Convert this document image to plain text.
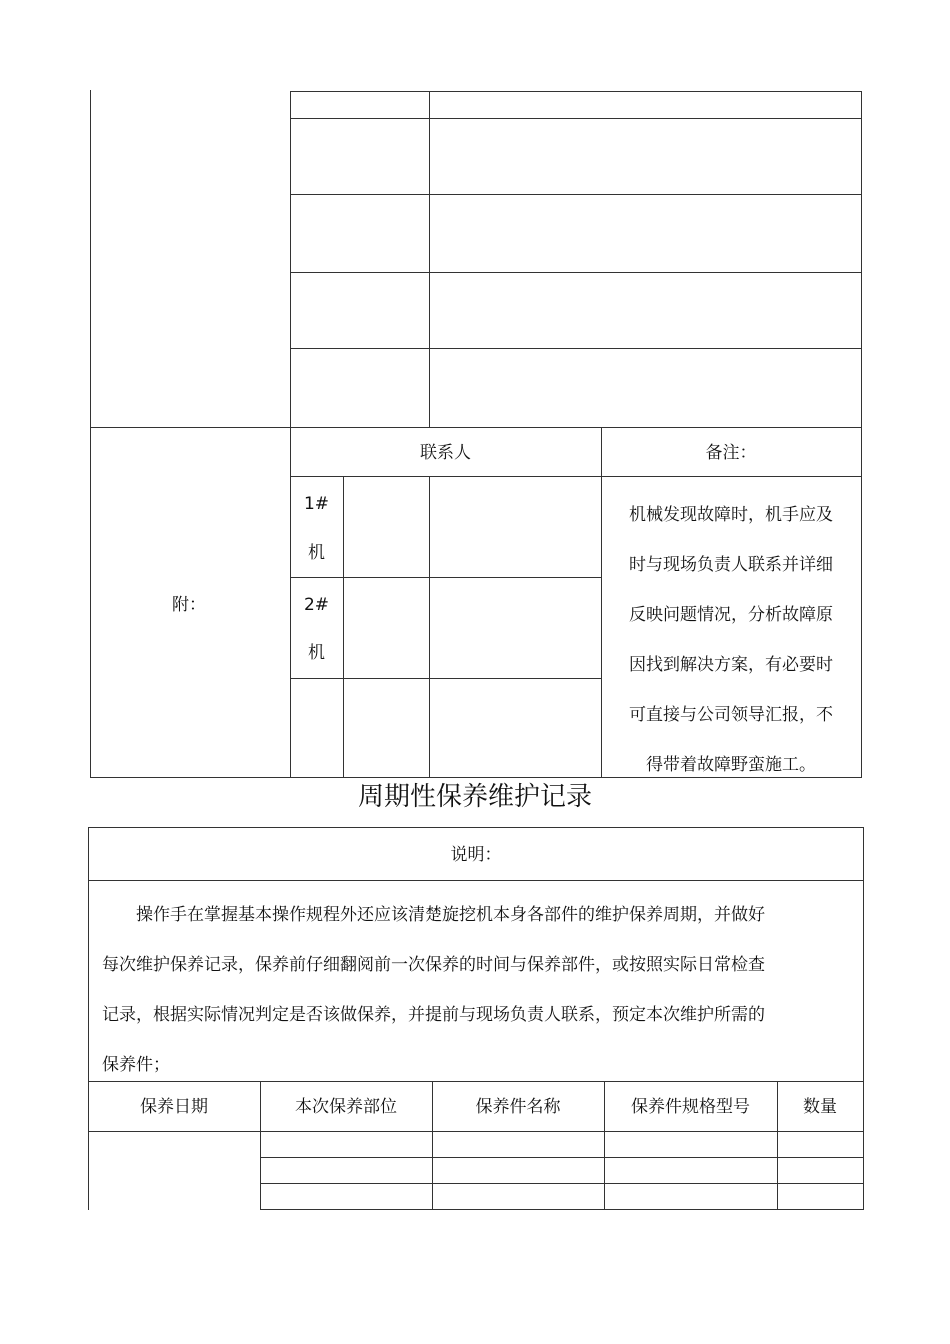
附：
联系人	备注：
1#
机
2#
机
机械发现故障时，机手应及
时与现场负责人联系并详细
反映问题情况，分析故障原
因找到解决方案，有必要时
可直接与公司领导汇报，不
得带着故障野蛮施工。
周期性保养维护记录
说明：
　　操作手在掌握基本操作规程外还应该清楚旋挖机本身各部件的维护保养周期，并做好
每次维护保养记录，保养前仔细翻阅前一次保养的时间与保养部件，或按照实际日常检查
记录，根据实际情况判定是否该做保养，并提前与现场负责人联系，预定本次维护所需的
保养件；
保养日期	本次保养部位	保养件名称	保养件规格型号	数量
